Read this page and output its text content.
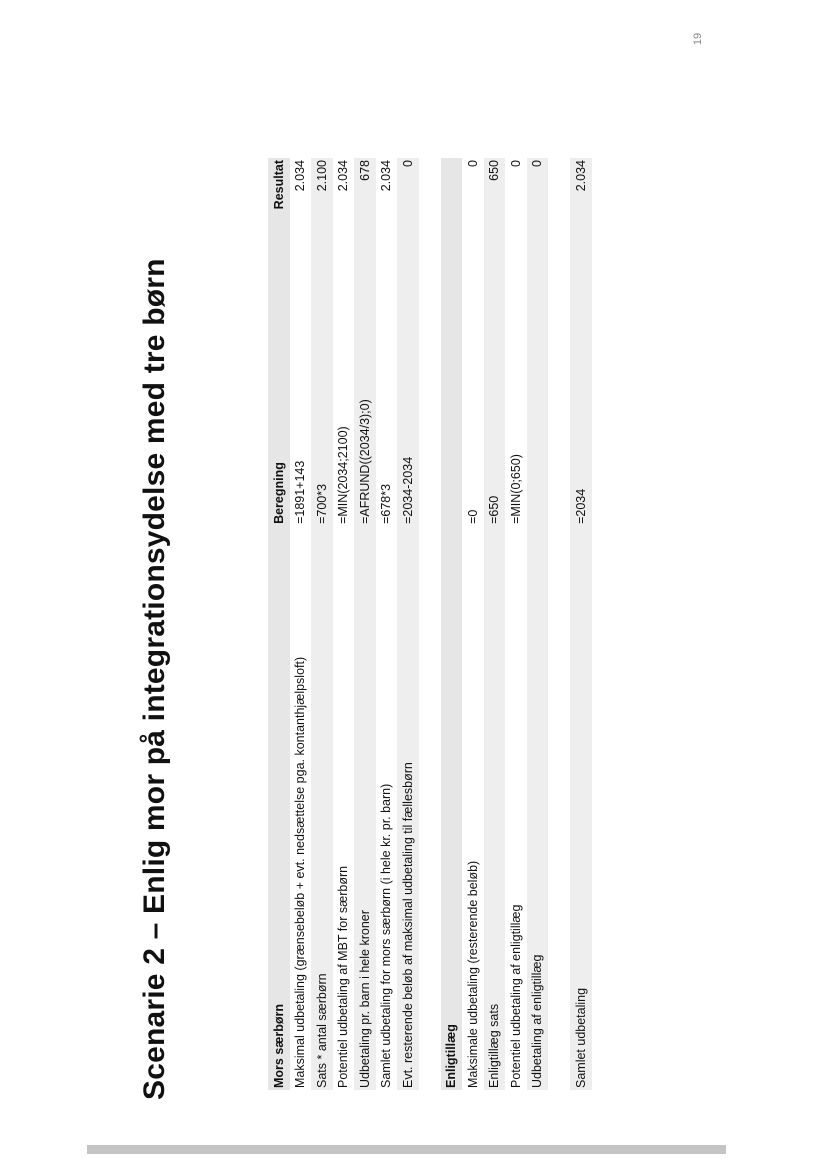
19
Scenarie 2 – Enlig mor på integrationsydelse med tre børn	Mors særbørn	Beregning	Resultat
Maksimal udbetaling (grænsebeløb + evt. nedsættelse pga. kontanthjælpsloft)	=1891+143	2.034
Sats * antal særbørn	=700*3	2.100
Potentiel udbetaling af MBT for særbørn	=MIN(2034;2100)	2.034
Udbetaling pr. barn i hele kroner	=AFRUND((2034/3);0)	678
Samlet udbetaling for mors særbørn (i hele kr. pr. barn)	=678*3	2.034
Evt. resterende beløb af maksimal udbetaling til fællesbørn	=2034-2034	0

Enligtillæg		
Maksimale udbetaling (resterende beløb)	=0	0
Enligtillæg sats	=650	650
Potentiel udbetaling af enligtillæg	=MIN(0;650)	0
Udbetaling af enligtillæg		0

Samlet udbetaling	=2034	2.034
